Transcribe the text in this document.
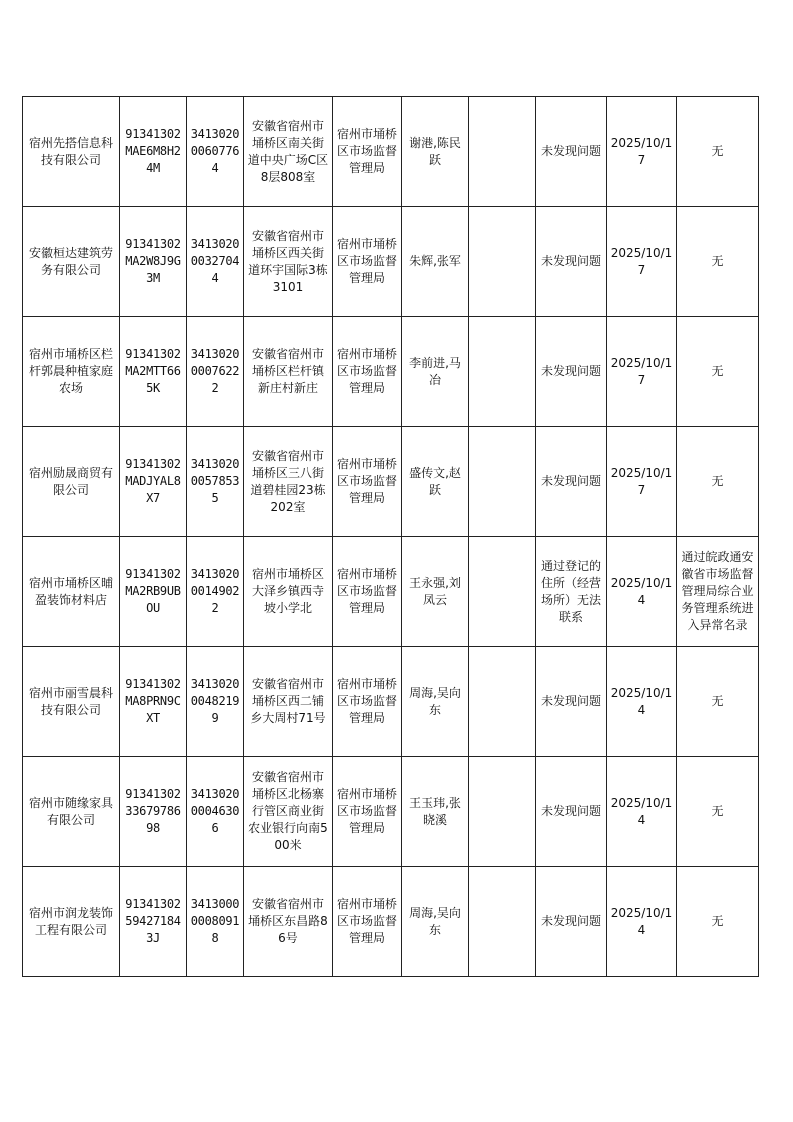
宿州先搭信息科技有限公司	91341302MAE6M8H24M	341302000607764	安徽省宿州市埇桥区南关街道中央广场C区8层808室	宿州市埇桥区市场监督管理局	谢港,陈民跃		未发现问题	2025/10/17	无
安徽桓达建筑劳务有限公司	91341302MA2W8J9G3M	341302000327044	安徽省宿州市埇桥区西关街道环宇国际3栋3101	宿州市埇桥区市场监督管理局	朱辉,张军		未发现问题	2025/10/17	无
宿州市埇桥区栏杆郭晨种植家庭农场	91341302MA2MTT665K	341302000076222	安徽省宿州市埇桥区栏杆镇新庄村新庄	宿州市埇桥区市场监督管理局	李前进,马冶		未发现问题	2025/10/17	无
宿州励晟商贸有限公司	91341302MADJYAL8X7	341302000578535	安徽省宿州市埇桥区三八街道碧桂园23栋202室	宿州市埇桥区市场监督管理局	盛传文,赵跃		未发现问题	2025/10/17	无
宿州市埇桥区晡盈装饰材料店	91341302MA2RB9UBOU	341302000149022	宿州市埇桥区大泽乡镇西寺坡小学北	宿州市埇桥区市场监督管理局	王永强,刘凤云		通过登记的住所（经营场所）无法联系	2025/10/14	通过皖政通安徽省市场监督管理局综合业务管理系统进入异常名录
宿州市丽雪晨科技有限公司	91341302MA8PRN9CXT	341302000482199	安徽省宿州市埇桥区西二铺乡大周村71号	宿州市埇桥区市场监督管理局	周海,吴向东		未发现问题	2025/10/14	无
宿州市随缘家具有限公司	913413023367978698	341302000046306	安徽省宿州市埇桥区北杨寨行管区商业街农业银行向南500米	宿州市埇桥区市场监督管理局	王玉玮,张晓溪		未发现问题	2025/10/14	无
宿州市润龙装饰工程有限公司	91341302594271843J	341300000080918	安徽省宿州市埇桥区东昌路86号	宿州市埇桥区市场监督管理局	周海,吴向东		未发现问题	2025/10/14	无
